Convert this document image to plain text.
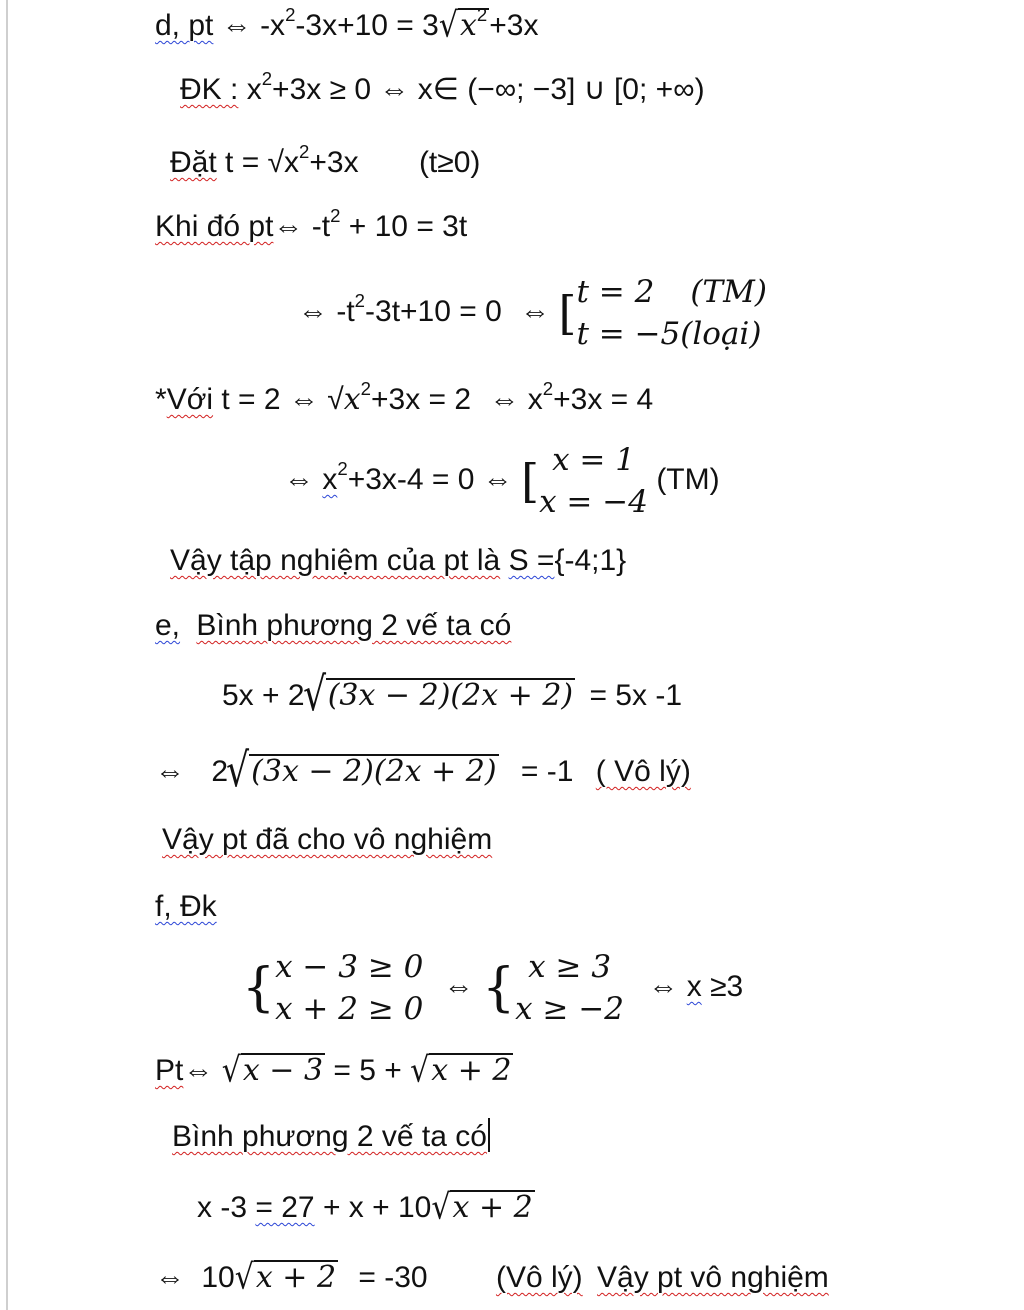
d, pt ⇔ $-x^2-3x+10 = 3√x^2+3x$
ĐK : $x^2+3x \ge 0$ ⇔ x∈ (−∞; −3] ∪ [0; +∞)
Đặt $t = √x^2+3x$ (t≥0)
Khi đó pt⇔ $-t^2 + 10 = 3t$
⇔ $-t^2-3t+10 = 0$ ⇔ [ t = 2 (TM)
t = −5(loại)
*Với t = 2 ⇔ $√x^2+3x = 2$ ⇔ $x^2+3x = 4$
⇔ $x^2+3x-4 = 0$ ⇔ [ x = 1
x = −4
(TM)
Vậy tập nghiệm của pt là S ={-4;1}
e, Bình phương 2 vế ta có
5x + 2√(3x − 2)(2x + 2) = 5x -1
⇔ 2√(3x − 2)(2x + 2) = -1 ( Vô lý)
Vậy pt đã cho vô nghiệm
f, Đk
{ x − 3 ≥ 0
x + 2 ≥ 0
⇔ { x ≥ 3
x ≥ −2
⇔ x ≥3
Pt⇔ √x − 3 = 5 + √x + 2
Bình phương 2 vế ta có
x -3 = 27 + x + 10√x + 2
⇔ 10√x + 2 = -30 (Vô lý) Vậy pt vô nghiệm
